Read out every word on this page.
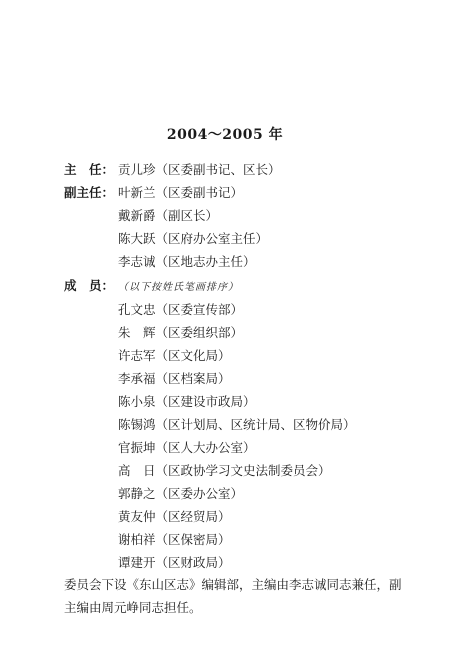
2004～2005 年
主　任： 贡儿珍（区委副书记、区长）
副主任： 叶新兰（区委副书记）
戴新爵（副区长）
陈大跃（区府办公室主任）
李志诚（区地志办主任）
成　员： （以下按姓氏笔画排序）
孔文忠（区委宣传部）
朱　辉（区委组织部）
许志军（区文化局）
李承福（区档案局）
陈小泉（区建设市政局）
陈锡鸿（区计划局、区统计局、区物价局）
官振坤（区人大办公室）
高　日（区政协学习文史法制委员会）
郭静之（区委办公室）
黄友仲（区经贸局）
谢柏祥（区保密局）
谭建开（区财政局）
委员会下设《东山区志》编辑部，主编由李志诚同志兼任，副主编由周元峥同志担任。
